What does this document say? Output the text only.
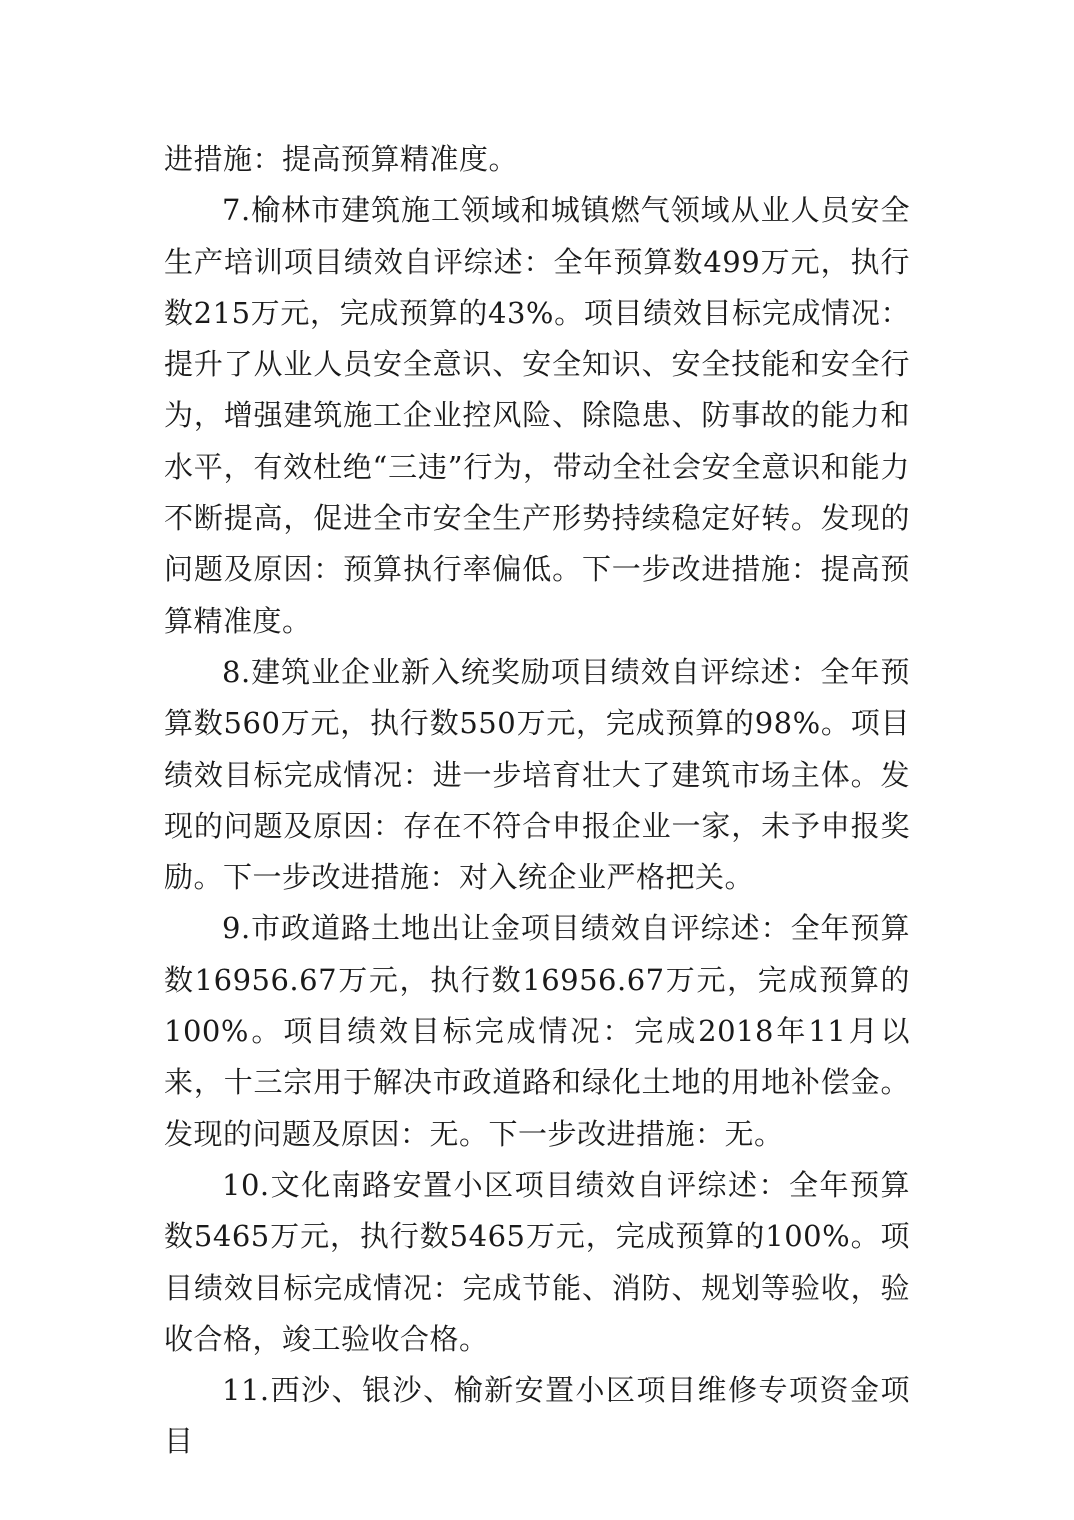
进措施：提高预算精准度。

7.榆林市建筑施工领域和城镇燃气领域从业人员安全生产培训项目绩效自评综述：全年预算数499万元，执行数215万元，完成预算的43%。项目绩效目标完成情况：提升了从业人员安全意识、安全知识、安全技能和安全行为，增强建筑施工企业控风险、除隐患、防事故的能力和水平，有效杜绝“三违”行为，带动全社会安全意识和能力不断提高，促进全市安全生产形势持续稳定好转。发现的问题及原因：预算执行率偏低。下一步改进措施：提高预算精准度。

8.建筑业企业新入统奖励项目绩效自评综述：全年预算数560万元，执行数550万元，完成预算的98%。项目绩效目标完成情况：进一步培育壮大了建筑市场主体。发现的问题及原因：存在不符合申报企业一家，未予申报奖励。下一步改进措施：对入统企业严格把关。

9.市政道路土地出让金项目绩效自评综述：全年预算数16956.67万元，执行数16956.67万元，完成预算的100%。项目绩效目标完成情况：完成2018年11月以来，十三宗用于解决市政道路和绿化土地的用地补偿金。发现的问题及原因：无。下一步改进措施：无。

10.文化南路安置小区项目绩效自评综述：全年预算数5465万元，执行数5465万元，完成预算的100%。项目绩效目标完成情况：完成节能、消防、规划等验收，验收合格，竣工验收合格。

11.西沙、银沙、榆新安置小区项目维修专项资金项目
